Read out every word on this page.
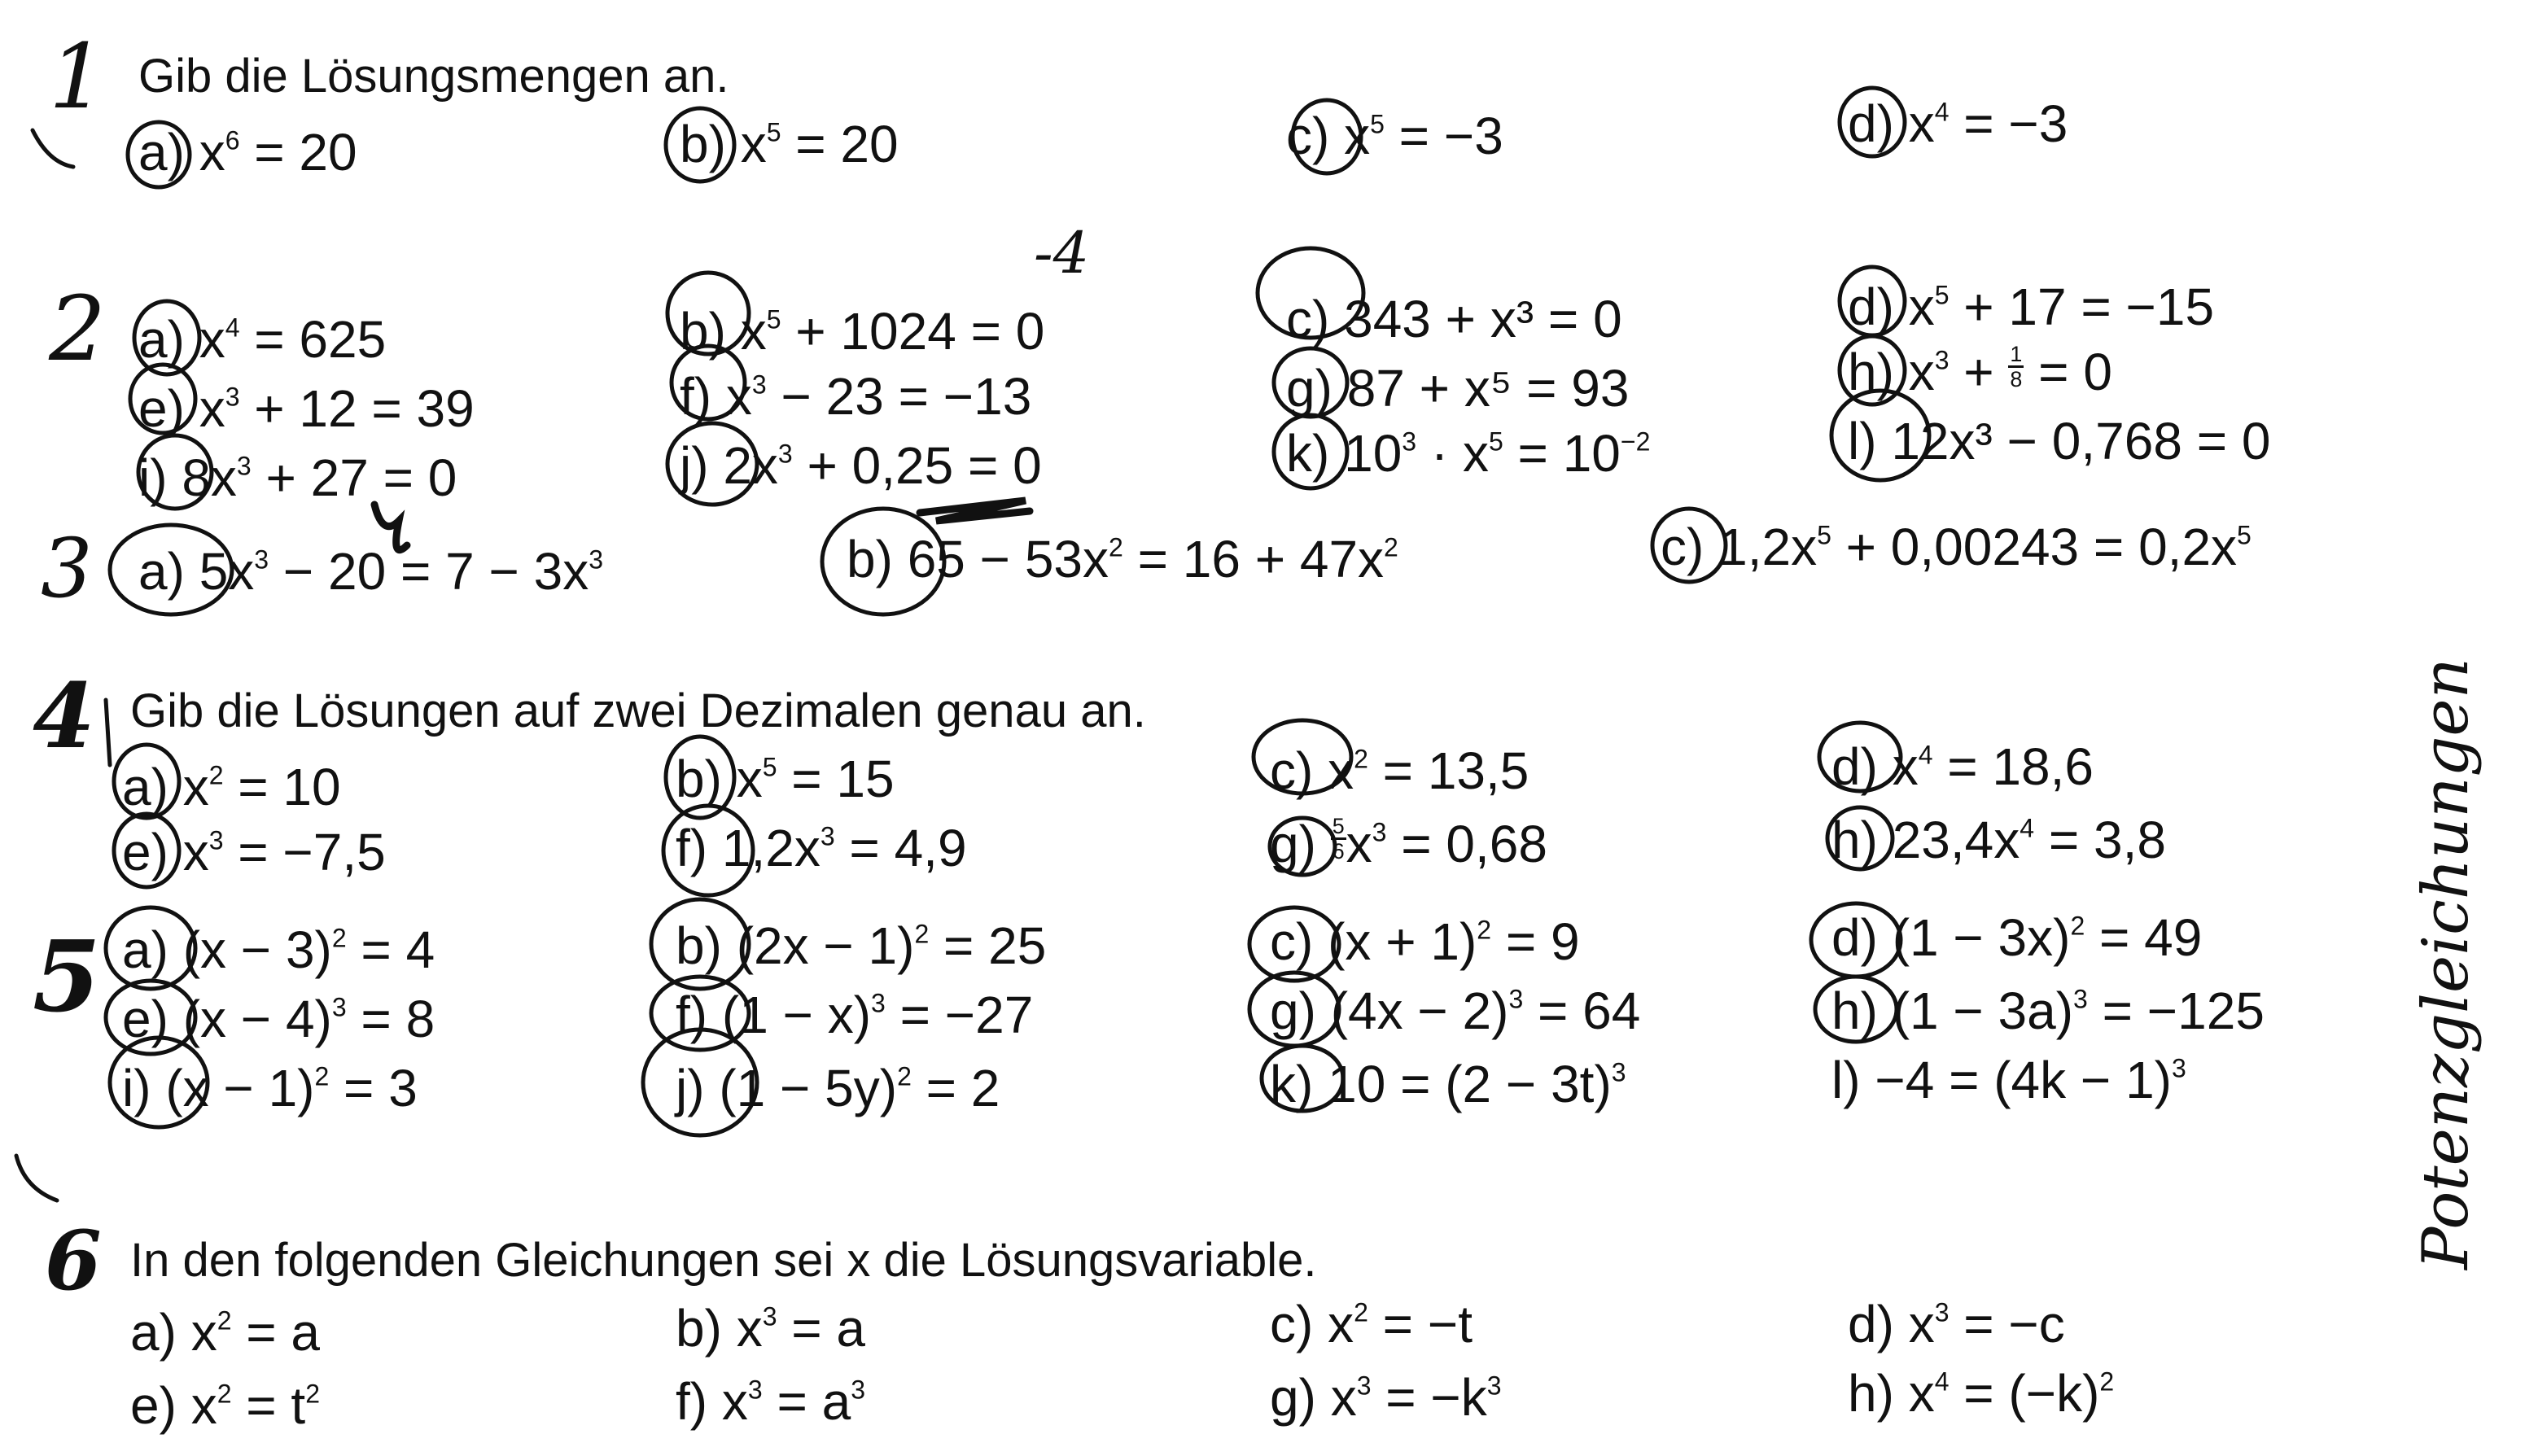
1
2
3
4
5
6
-4
Potenzgleichungen
Gib die Lösungsmengen an.
a) $x^6 = 20$	b) $x^5 = 20$	c) $x^5 = -3$	d) $x^4 = -3$
a) $x^4 = 625$	b) $x^5 + 1024 = 0$	c) 343 + x³ = 0	d) $x^5 + 17 = -15$
e) $x^3 + 12 = 39$	f) $x^3 - 23 = -13$	g) 87 + x⁵ = 93	h) $x^3 + \frac{1}{8} = 0$
i) $8x^3 + 27 = 0$	j) $2x^3 + 0,25 = 0$	k) $10^3 \cdot x^5 = 10^{-2}$	l) 12x³ − 0,768 = 0
a) $5x^3 - 20 = 7 - 3x^3$	b) $65 - 53x^2 = 16 + 47x^2$	c) $1,2x^5 + 0,00243 = 0,2x^5$
Gib die Lösungen auf zwei Dezimalen genau an.
a) $x^2 = 10$	b) $x^5 = 15$	c) $x^2 = 13,5$	d) $x^4 = 18,6$
e) $x^3 = -7,5$	f) $1,2x^3 = 4,9$	$g) \frac{5}{6} x^3 = 0,68$	h) $23,4x^4 = 3,8$
a) $(x - 3)^2 = 4$	b) $(2x - 1)^2 = 25$	c) $(x + 1)^2 = 9$	d) $(1 - 3x)^2 = 49$
e) $(x - 4)^3 = 8$	f) $(1 - x)^3 = -27$	g) $(4x - 2)^3 = 64$	h) $(1 - 3a)^3 = -125$
i) $(x - 1)^2 = 3$	j) $(1 - 5y)^2 = 2$	k) $10 = (2 - 3t)^3$	$l) -4 = (4k - 1)^3$
In den folgenden Gleichungen sei x die Lösungsvariable.
a) $x^2 = a$	b) $x^3 = a$	c) $x^2 = -t$	d) $x^3 = -c$
e) $x^2 = t^2$	f) $x^3 = a^3$	g) $x^3 = -k^3$	h) $x^4 = (-k)^2$
